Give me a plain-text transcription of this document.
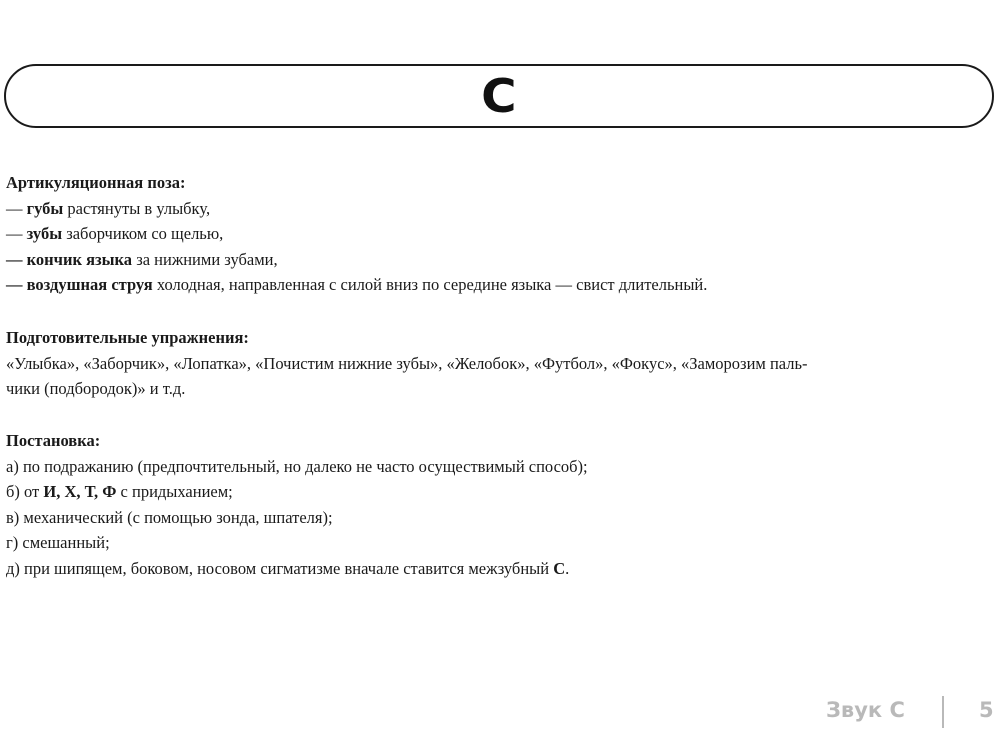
С

Артикуляционная поза:

— губы растянуты в улыбку,

— зубы заборчиком со щелью,

— кончик языка за нижними зубами,

— воздушная струя холодная, направленная с силой вниз по середине языка — свист длительный.

Подготовительные упражнения:

«Улыбка», «Заборчик», «Лопатка», «Почистим нижние зубы», «Желобок», «Футбол», «Фокус», «Заморозим паль-

чики (подбородок)» и т.д.

Постановка:

а) по подражанию (предпочтительный, но далеко не часто осуществимый способ);

б) от И, Х, Т, Ф с придыханием;

в) механический (с помощью зонда, шпателя);

г) смешанный;

д) при шипящем, боковом, носовом сигматизме вначале ставится межзубный С.

Звук С	5
